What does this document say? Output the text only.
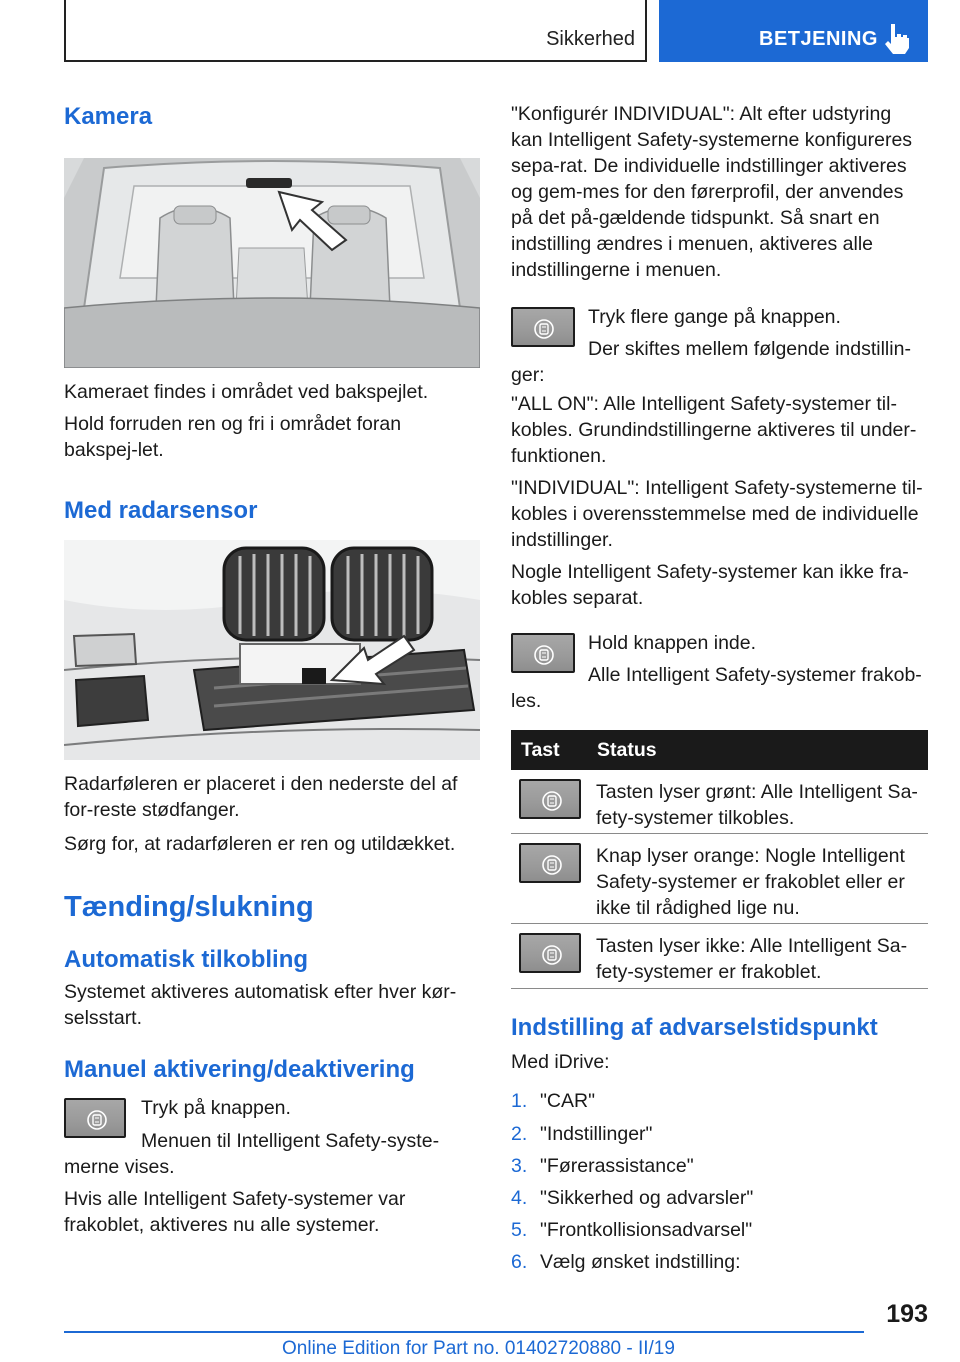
Sikkerhed	BETJENING
Kamera

Kameraet findes i området ved bakspejlet.

Hold forruden ren og fri i området foran bakspej-let.

Med radarsensor

Radarføleren er placeret i den nederste del af for-reste stødfanger.

Sørg for, at radarføleren er ren og utildækket.

Tænding/slukning
Automatisk tilkobling

Systemet aktiveres automatisk efter hver kør-selsstart.

Manuel aktivering/deaktivering

Tryk på knappen.

Menuen til Intelligent Safety-syste-merne vises.

Hvis alle Intelligent Safety-systemer var frakoblet, aktiveres nu alle systemer.

"Konfigurér INDIVIDUAL": Alt efter udstyring kan Intelligent Safety-systemerne konfigureres sepa-rat. De individuelle indstillinger aktiveres og gem-mes for den førerprofil, der anvendes på det på-gældende tidspunkt. Så snart en indstilling ændres i menuen, aktiveres alle indstillingerne i menuen.

Tryk flere gange på knappen.

Der skiftes mellem følgende indstillin-ger:

"ALL ON": Alle Intelligent Safety-systemer til-kobles. Grundindstillingerne aktiveres til under-funktionen.

"INDIVIDUAL": Intelligent Safety-systemerne til-kobles i overensstemmelse med de individuelle indstillinger.

Nogle Intelligent Safety-systemer kan ikke fra-kobles separat.

Hold knappen inde.

Alle Intelligent Safety-systemer frakob-les.

Tast Status
Tasten lyser grønt: Alle Intelligent Sa-fety-systemer tilkobles.
Knap lyser orange: Nogle Intelligent Safety-systemer er frakoblet eller er ikke til rådighed lige nu.
Tasten lyser ikke: Alle Intelligent Sa-fety-systemer er frakoblet.
Indstilling af advarselstidspunkt

Med iDrive:

1. "CAR"
2. "Indstillinger"
3. "Førerassistance"
4. "Sikkerhed og advarsler"
5. "Frontkollisionsadvarsel"
6. Vælg ønsket indstilling:
193
Online Edition for Part no. 01402720880 - II/19
